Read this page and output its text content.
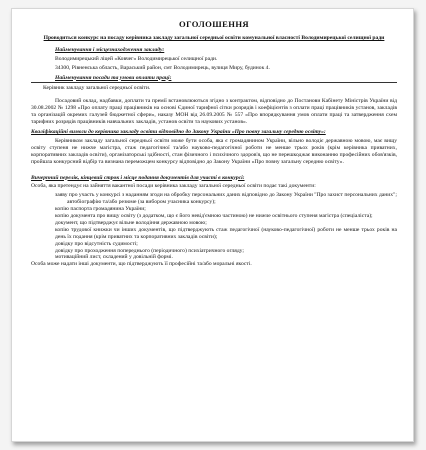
ОГОЛОШЕННЯ
Проводиться конкурс на посаду керівника закладу загальної середньої освіти комунальної власності Володимирецької селищної ради
Найменування і місцезнаходження закладу:
Володимирецький ліцей «Ковчег» Володимирецької селищної ради.
34300, Рівненська область, Вараський район, смт Володимирець, вулиця Миру, будинок 4.
Найменування посади та умови оплати праці:
Керівник закладу загальної середньої освіти.
Посадовий оклад, надбавки, доплати та премії встановлюються згідно з контрактом, відповідно до Постанови Кабінету Міністрів України від 30.08.2002 № 1298 «Про оплату праці працівників на основі Єдиної тарифної сітки розрядів і коефіцієнтів з оплати праці працівників установ, закладів та організацій окремих галузей бюджетної сфери», наказу МОН від 26.09.2005 № 557 «Про впорядкування умов оплати праці та затвердження схем тарифних розрядів працівників навчальних закладів, установ освіти та наукових установ».
Кваліфікаційні вимоги до керівника закладу освіти відповідно до Закону України «Про повну загальну середню освіту»:
Керівником закладу загальної середньої освіти може бути особа, яка є громадянином України, вільно володіє державною мовою, має вищу освіту ступеня не нижче магістра, стаж педагогічної та/або науково-педагогічної роботи не менше трьох років (крім керівника приватних, корпоративних закладів освіти), організаторські здібності, стан фізичного і психічного здоров'я, що не перешкоджає виконанню професійних обов'язків, пройшла конкурсний відбір та визнана переможцем конкурсу відповідно до Закону України «Про повну загальну середню освіту».
Вичерпний перелік, кінцевий строк і місце подання документів для участі в конкурсі:
Особа, яка претендує на зайняття вакантної посади керівника закладу загальної середньої освіти подає такі документи:
заяву про участь у конкурсі з наданням згоди на обробку персональних даних відповідно до Закону України "Про захист персональних даних";
автобіографію та/або резюме (за вибором учасника конкурсу);
копію паспорта громадянина України;
копію документа про вищу освіту (з додатком, що є його невід'ємною частиною) не нижче освітнього ступеня магістра (спеціаліста);
документ, що підтверджує вільне володіння державною мовою;
копію трудової книжки чи інших документів, що підтверджують стаж педагогічної (науково-педагогічної) роботи не менше трьох років на день їх подання (крім приватних та корпоративних закладів освіти);
довідку про відсутність судимості;
довідку про проходження попереднього (періодичного) психіатричного огляду;
мотиваційний лист, складений у довільній формі.
Особа може надати інші документи, що підтверджують її професійні та/або моральні якості.
